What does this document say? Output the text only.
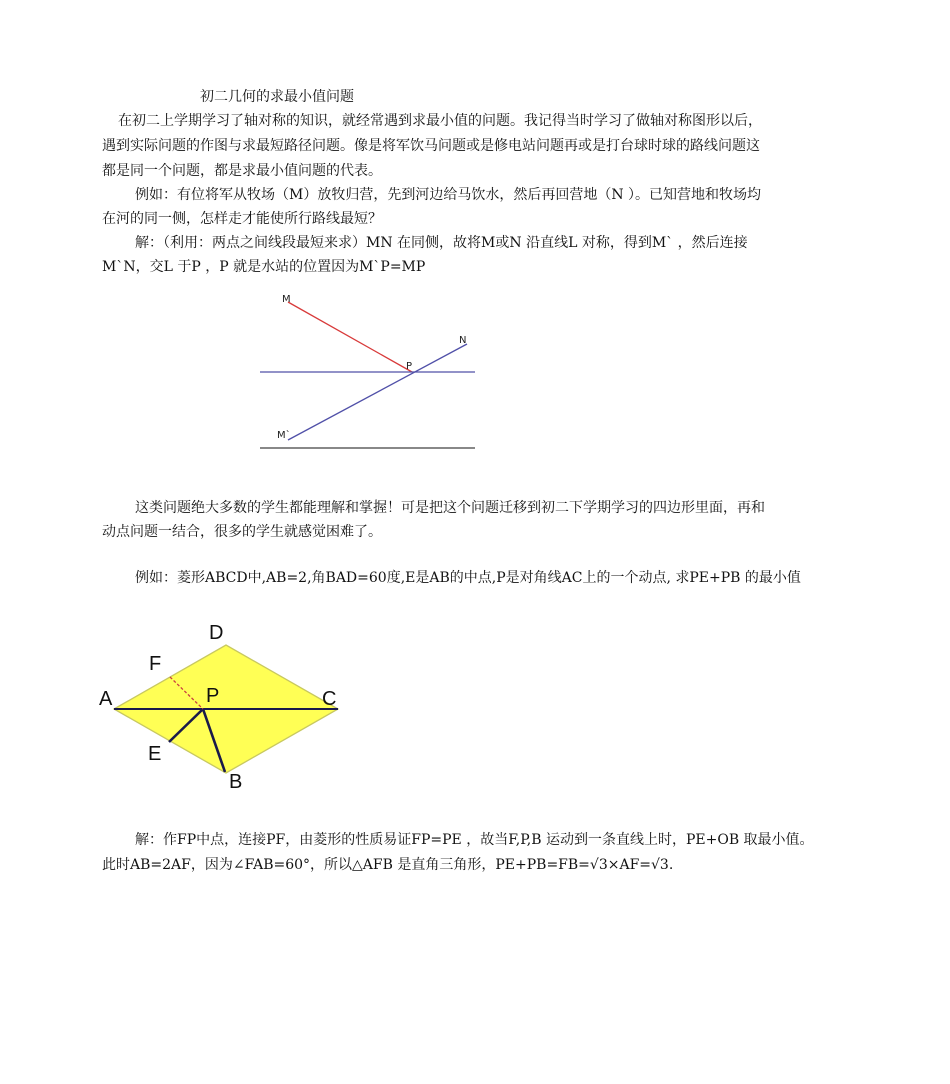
初二几何的求最小值问题
在初二上学期学习了轴对称的知识，就经常遇到求最小值的问题。我记得当时学习了做轴对称图形以后，
遇到实际问题的作图与求最短路径问题。像是将军饮马问题或是修电站问题再或是打台球时球的路线问题这
都是同一个问题，都是求最小值问题的代表。
例如：有位将军从牧场（M）放牧归营，先到河边给马饮水，然后再回营地（N ）。已知营地和牧场均
在河的同一侧，怎样走才能使所行路线最短？
解：（利用：两点之间线段最短来求）MN 在同侧，故将M或N 沿直线L 对称，得到M` ，然后连接
M`N，交L 于P ，P 就是水站的位置因为M`P=MP
M
N
P
M`
这类问题绝大多数的学生都能理解和掌握！可是把这个问题迁移到初二下学期学习的四边形里面，再和
动点问题一结合，很多的学生就感觉困难了。
例如：菱形ABCD中,AB=2,角BAD=60度,E是AB的中点,P是对角线AC上的一个动点, 求PE+PB 的最小值
A	C
D
B
E
F
P
解：作FP中点，连接PF，由菱形的性质易证FP=PE ，故当F,P,B 运动到一条直线上时，PE+OB 取最小值。
此时AB=2AF，因为∠FAB=60°，所以△AFB 是直角三角形，PE+PB=FB=√3×AF=√3.
